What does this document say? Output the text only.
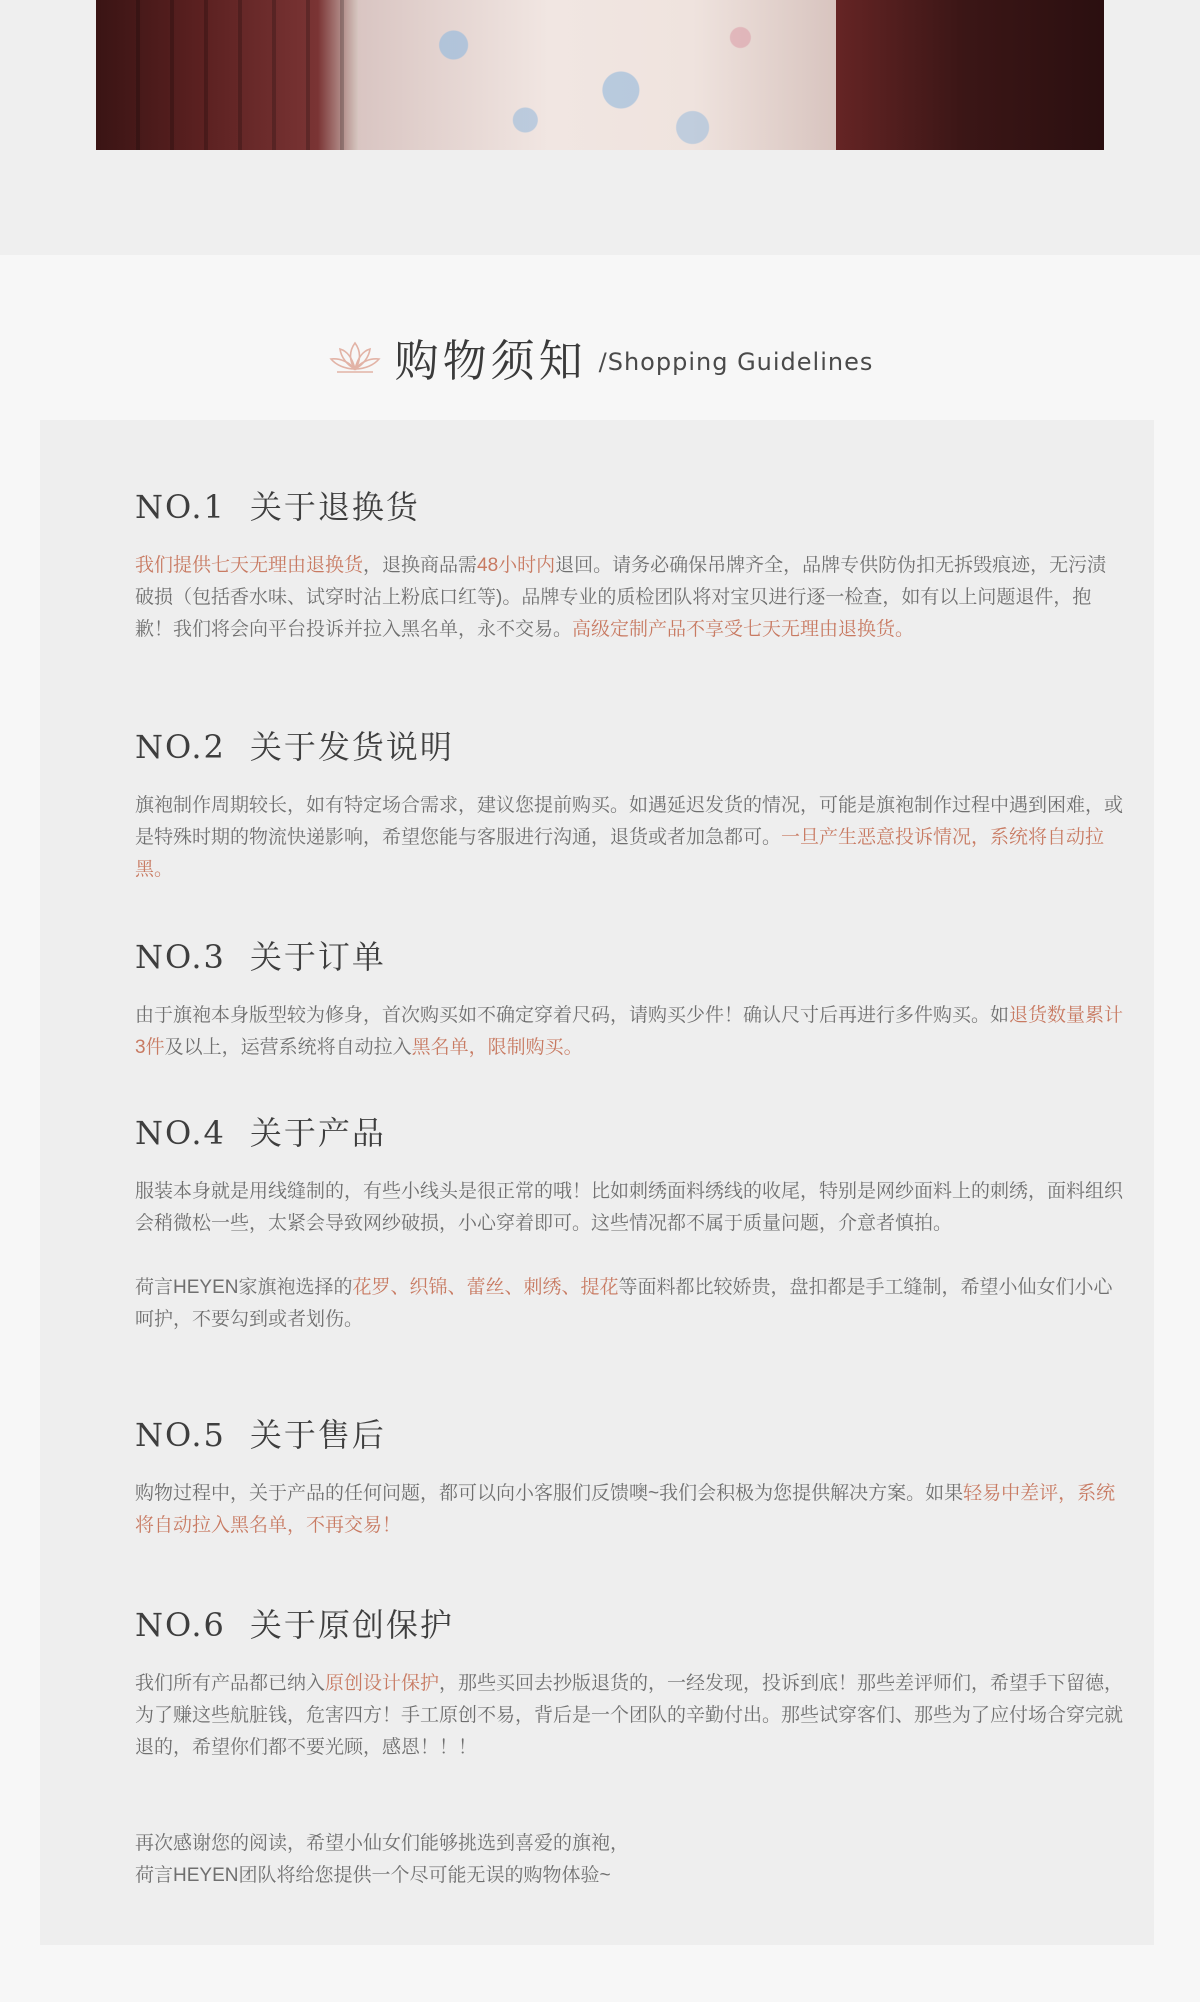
购物须知 /Shopping Guidelines
NO.1 关于退换货
我们提供七天无理由退换货，退换商品需48小时内退回。请务必确保吊牌齐全，品牌专供防伪扣无拆毁痕迹，无污渍破损（包括香水味、试穿时沾上粉底口红等)。品牌专业的质检团队将对宝贝进行逐一检查，如有以上问题退件，抱歉！我们将会向平台投诉并拉入黑名单，永不交易。高级定制产品不享受七天无理由退换货。
NO.2 关于发货说明
旗袍制作周期较长，如有特定场合需求，建议您提前购买。如遇延迟发货的情况，可能是旗袍制作过程中遇到困难，或是特殊时期的物流快递影响，希望您能与客服进行沟通，退货或者加急都可。一旦产生恶意投诉情况，系统将自动拉黑。
NO.3 关于订单
由于旗袍本身版型较为修身，首次购买如不确定穿着尺码，请购买少件！确认尺寸后再进行多件购买。如退货数量累计3件及以上，运营系统将自动拉入黑名单，限制购买。
NO.4 关于产品
服装本身就是用线缝制的，有些小线头是很正常的哦！比如刺绣面料绣线的收尾，特别是网纱面料上的刺绣，面料组织会稍微松一些，太紧会导致网纱破损，小心穿着即可。这些情况都不属于质量问题，介意者慎拍。
荷言HEYEN家旗袍选择的花罗、织锦、蕾丝、刺绣、提花等面料都比较娇贵，盘扣都是手工缝制，希望小仙女们小心呵护，不要勾到或者划伤。
NO.5 关于售后
购物过程中，关于产品的任何问题，都可以向小客服们反馈噢~我们会积极为您提供解决方案。如果轻易中差评，系统将自动拉入黑名单，不再交易！
NO.6 关于原创保护
我们所有产品都已纳入原创设计保护，那些买回去抄版退货的，一经发现，投诉到底！那些差评师们，希望手下留德，为了赚这些航脏钱，危害四方！手工原创不易，背后是一个团队的辛勤付出。那些试穿客们、那些为了应付场合穿完就退的，希望你们都不要光顾，感恩！！！

再次感谢您的阅读，希望小仙女们能够挑选到喜爱的旗袍，
荷言HEYEN团队将给您提供一个尽可能无误的购物体验~
